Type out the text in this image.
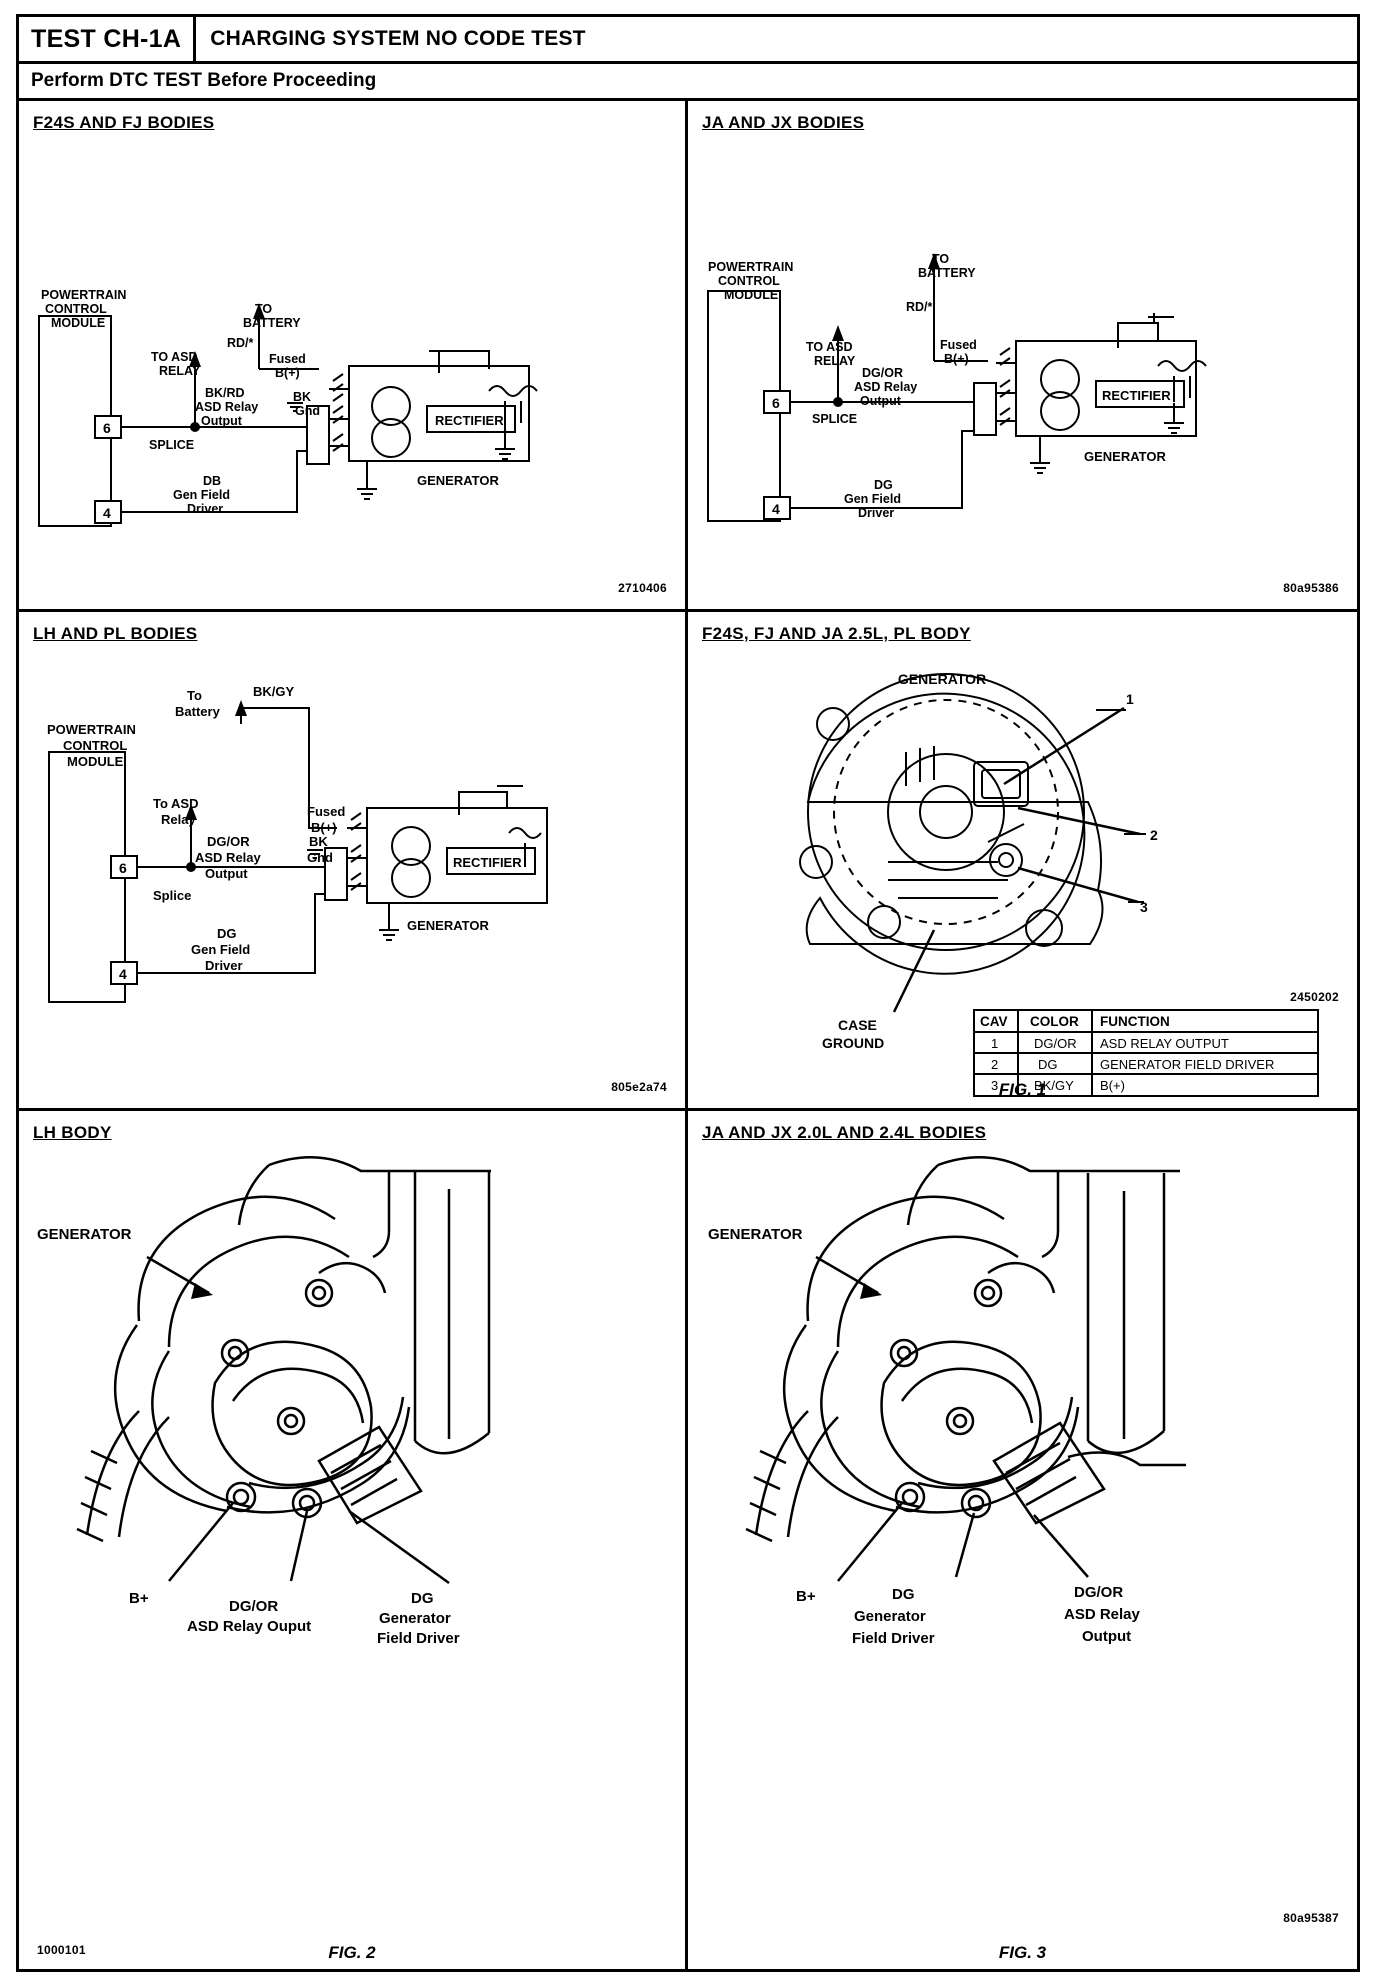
TEST CH-1A	CHARGING SYSTEM NO CODE TEST
Perform DTC TEST Before Proceeding
F24S AND FJ BODIES
POWERTRAIN
CONTROL
MODULE
6
4
TO ASD
RELAY
TO
BATTERY
RD/*
Fused
B(+)
BK/RD
ASD Relay
Output
BK
Gnd
SPLICE
DB
Gen Field
Driver
RECTIFIER
GENERATOR
2710406
JA AND JX BODIES
POWERTRAIN
CONTROL
MODULE
6
4
TO ASD
RELAY
TO
BATTERY
RD/*
Fused
B(+)
DG/OR
ASD Relay
Output
SPLICE
DG
Gen Field
Driver
RECTIFIER
GENERATOR
80a95386
LH AND PL BODIES
POWERTRAIN
CONTROL
MODULE
6
4
To ASD
Relay
To
Battery
BK/GY
Fused
B(+)
DG/OR
ASD Relay
Output
BK
Gnd
Splice
DG
Gen Field
Driver
RECTIFIER
GENERATOR
805e2a74
F24S, FJ AND JA 2.5L, PL BODY
1
2
3
GENERATOR
CASE
GROUND
CAV COLOR FUNCTION
1	DG/OR ASD RELAY OUTPUT
2	DG	GENERATOR FIELD DRIVER
3	BK/GY B(+)
2450202
FIG. 1
LH BODY
GENERATOR
B+	DG/OR
ASD Relay Ouput
DG
Generator
Field Driver
1000101	FIG. 2
JA AND JX 2.0L AND 2.4L BODIES
GENERATOR
B+	DG
Generator
Field Driver
DG/OR
ASD Relay
Output
80a95387
FIG. 3
